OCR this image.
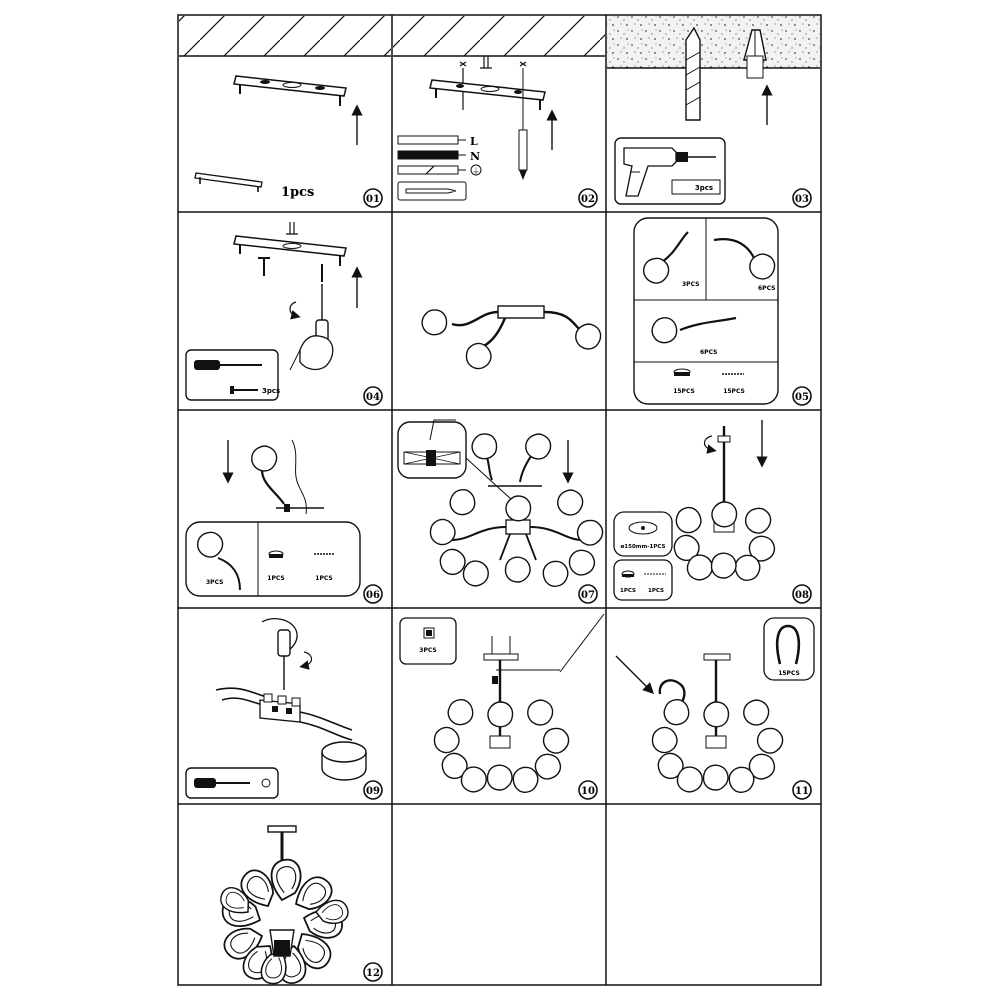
1pcs	01
L
N
⏚
02
3pcs
03
3pcs
04
3PCS
6PCS
6PCS
15PCS	15PCS
05
3PCS
1PCS	1PCS
06	07
ø150mm-1PCS
1PCS 1PCS	08
09
3PCS
10
15PCS
11
12
